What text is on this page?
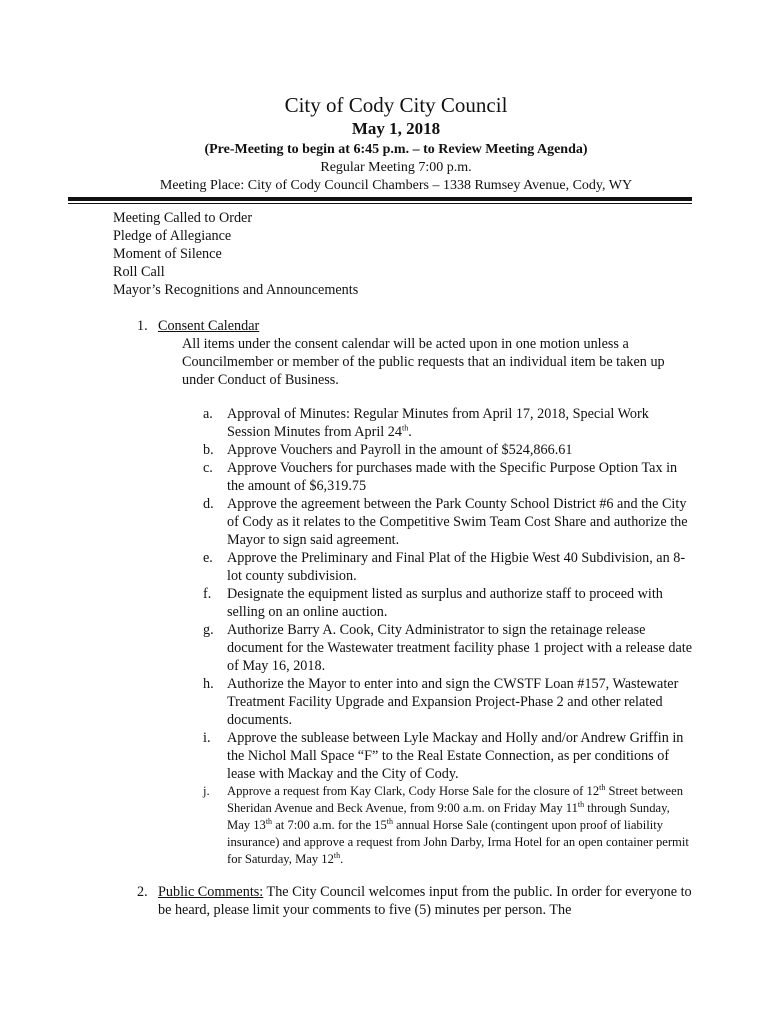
City of Cody City Council
May 1, 2018
(Pre-Meeting to begin at 6:45 p.m. – to Review Meeting Agenda)
Regular Meeting 7:00 p.m.
Meeting Place: City of Cody Council Chambers – 1338 Rumsey Avenue, Cody, WY
Meeting Called to Order
Pledge of Allegiance
Moment of Silence
Roll Call
Mayor’s Recognitions and Announcements
1. Consent Calendar
All items under the consent calendar will be acted upon in one motion unless a Councilmember or member of the public requests that an individual item be taken up under Conduct of Business.
a. Approval of Minutes: Regular Minutes from April 17, 2018, Special Work Session Minutes from April 24th.
b. Approve Vouchers and Payroll in the amount of $524,866.61
c. Approve Vouchers for purchases made with the Specific Purpose Option Tax in the amount of $6,319.75
d. Approve the agreement between the Park County School District #6 and the City of Cody as it relates to the Competitive Swim Team Cost Share and authorize the Mayor to sign said agreement.
e. Approve the Preliminary and Final Plat of the Higbie West 40 Subdivision, an 8-lot county subdivision.
f. Designate the equipment listed as surplus and authorize staff to proceed with selling on an online auction.
g. Authorize Barry A. Cook, City Administrator to sign the retainage release document for the Wastewater treatment facility phase 1 project with a release date of May 16, 2018.
h. Authorize the Mayor to enter into and sign the CWSTF Loan #157, Wastewater Treatment Facility Upgrade and Expansion Project-Phase 2 and other related documents.
i. Approve the sublease between Lyle Mackay and Holly and/or Andrew Griffin in the Nichol Mall Space “F” to the Real Estate Connection, as per conditions of lease with Mackay and the City of Cody.
j. Approve a request from Kay Clark, Cody Horse Sale for the closure of 12th Street between Sheridan Avenue and Beck Avenue, from 9:00 a.m. on Friday May 11th through Sunday, May 13th at 7:00 a.m. for the 15th annual Horse Sale (contingent upon proof of liability insurance) and approve a request from John Darby, Irma Hotel for an open container permit for Saturday, May 12th.
2. Public Comments: The City Council welcomes input from the public. In order for everyone to be heard, please limit your comments to five (5) minutes per person. The
